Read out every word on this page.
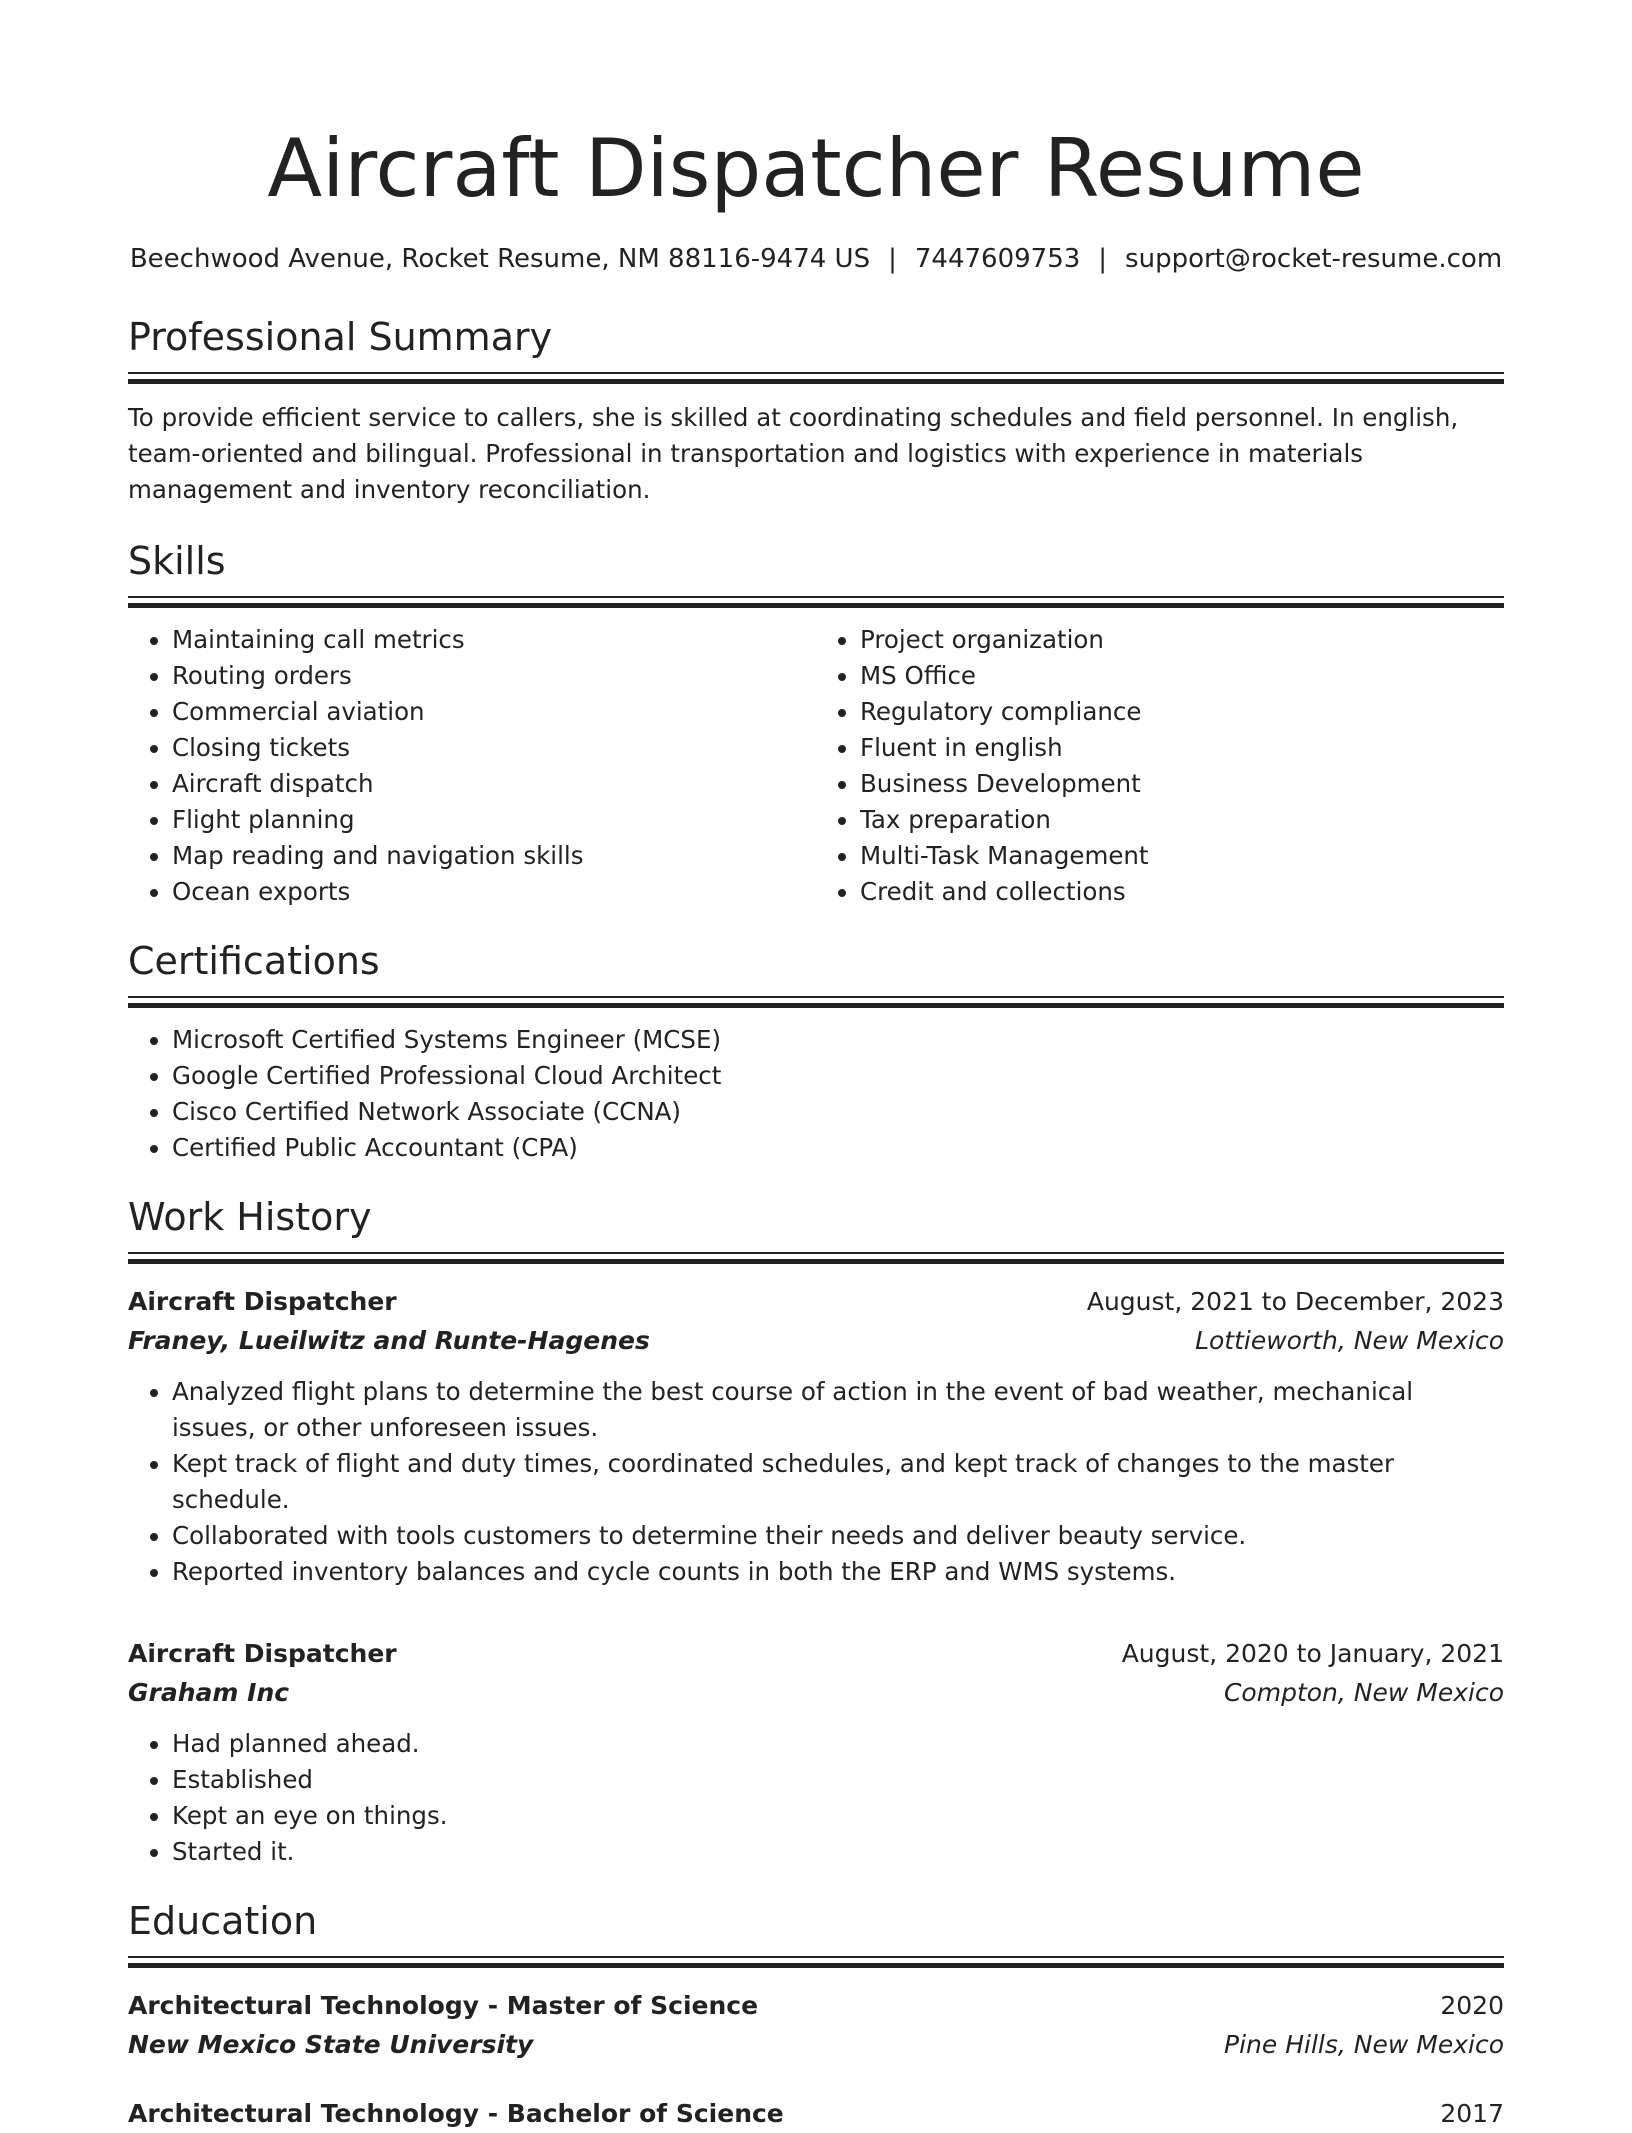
Aircraft Dispatcher Resume
Beechwood Avenue, Rocket Resume, NM 88116-9474 US | 7447609753 | support@rocket-resume.com
Professional Summary

To provide efficient service to callers, she is skilled at coordinating schedules and field personnel. In english, team-oriented and bilingual. Professional in transportation and logistics with experience in materials management and inventory reconciliation.

Skills
• Maintaining call metrics
• Routing orders
• Commercial aviation
• Closing tickets
• Aircraft dispatch
• Flight planning
• Map reading and navigation skills
• Ocean exports
• Project organization
• MS Office
• Regulatory compliance
• Fluent in english
• Business Development
• Tax preparation
• Multi-Task Management
• Credit and collections
Certifications
• Microsoft Certified Systems Engineer (MCSE)
• Google Certified Professional Cloud Architect
• Cisco Certified Network Associate (CCNA)
• Certified Public Accountant (CPA)
Work History
Aircraft Dispatcher	August, 2021 to December, 2023
Franey, Lueilwitz and Runte-Hagenes	Lottieworth, New Mexico
• Analyzed flight plans to determine the best course of action in the event of bad weather, mechanical issues, or other unforeseen issues.
• Kept track of flight and duty times, coordinated schedules, and kept track of changes to the master schedule.
• Collaborated with tools customers to determine their needs and deliver beauty service.
• Reported inventory balances and cycle counts in both the ERP and WMS systems.
Aircraft Dispatcher	August, 2020 to January, 2021
Graham Inc	Compton, New Mexico
• Had planned ahead.
• Established
• Kept an eye on things.
• Started it.
Education
Architectural Technology - Master of Science	2020
New Mexico State University	Pine Hills, New Mexico
Architectural Technology - Bachelor of Science	2017
